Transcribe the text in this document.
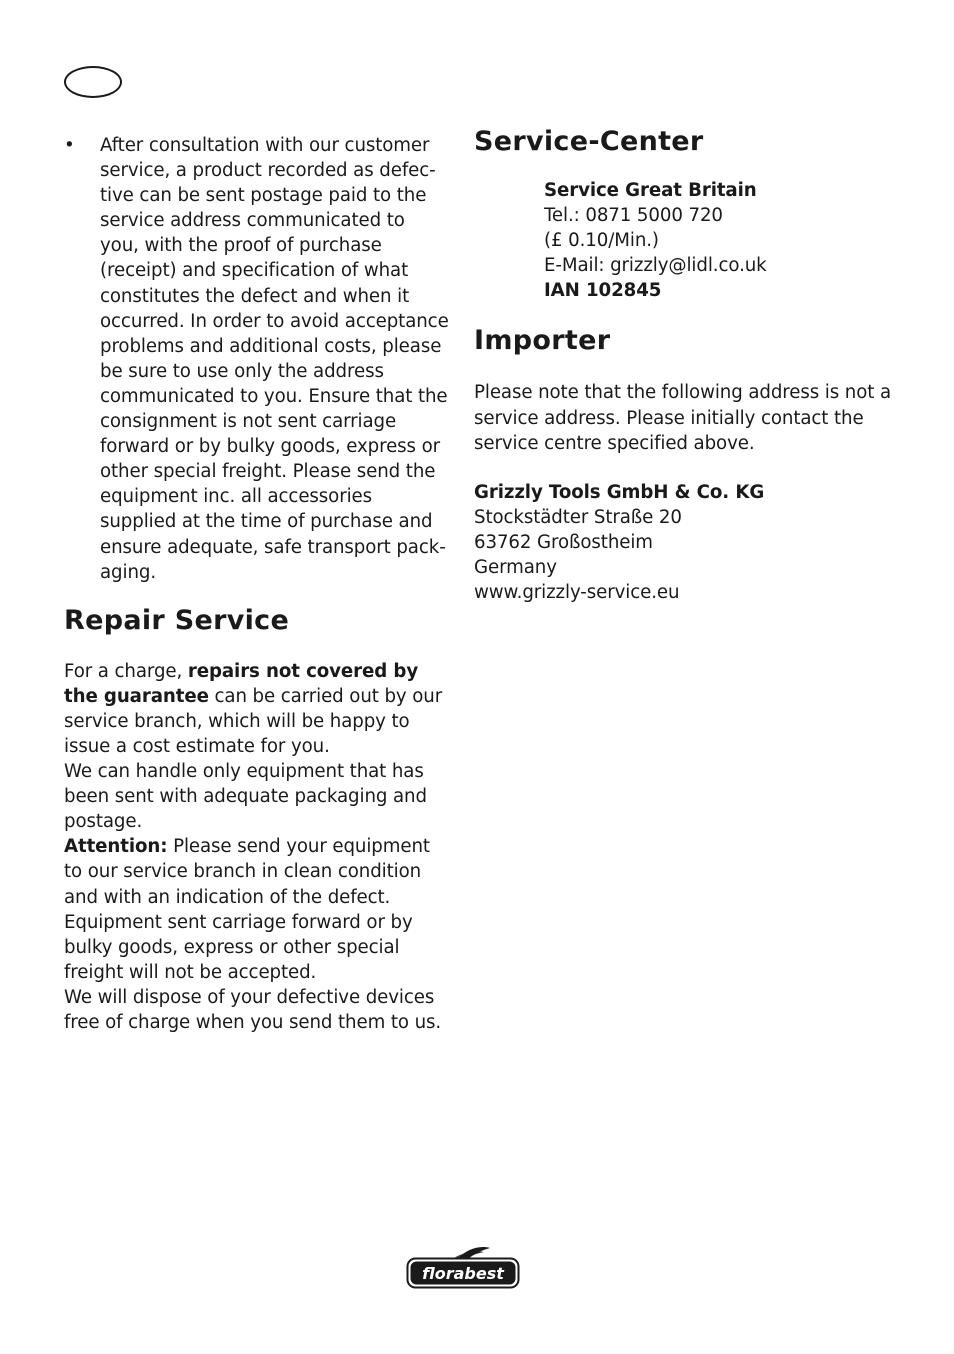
•	After consultation with our customer service, a product recorded as defective can be sent postage paid to the service address communicated to you, with the proof of purchase (receipt) and specification of what constitutes the defect and when it occurred. In order to avoid acceptance problems and additional costs, please be sure to use only the address communicated to you. Ensure that the consignment is not sent carriage forward or by bulky goods, express or other special freight. Please send the equipment inc. all accessories supplied at the time of purchase and ensure adequate, safe transport packaging.
Repair Service

For a charge, repairs not covered by the guarantee can be carried out by our service branch, which will be happy to issue a cost estimate for you.

We can handle only equipment that has been sent with adequate packaging and postage.

Attention: Please send your equipment to our service branch in clean condition and with an indication of the defect.

Equipment sent carriage forward or by bulky goods, express or other special freight will not be accepted.

We will dispose of your defective devices free of charge when you send them to us.

Service-Center
Service Great Britain
Tel.: 0871 5000 720
(£ 0.10/Min.)
E-Mail: grizzly@lidl.co.uk
IAN 102845
Importer
Please note that the following address is not a service address. Please initially contact the service centre specified above.
Grizzly Tools GmbH & Co. KG
Stockstädter Straße 20
63762 Großostheim
Germany
www.grizzly-service.eu
florabest
